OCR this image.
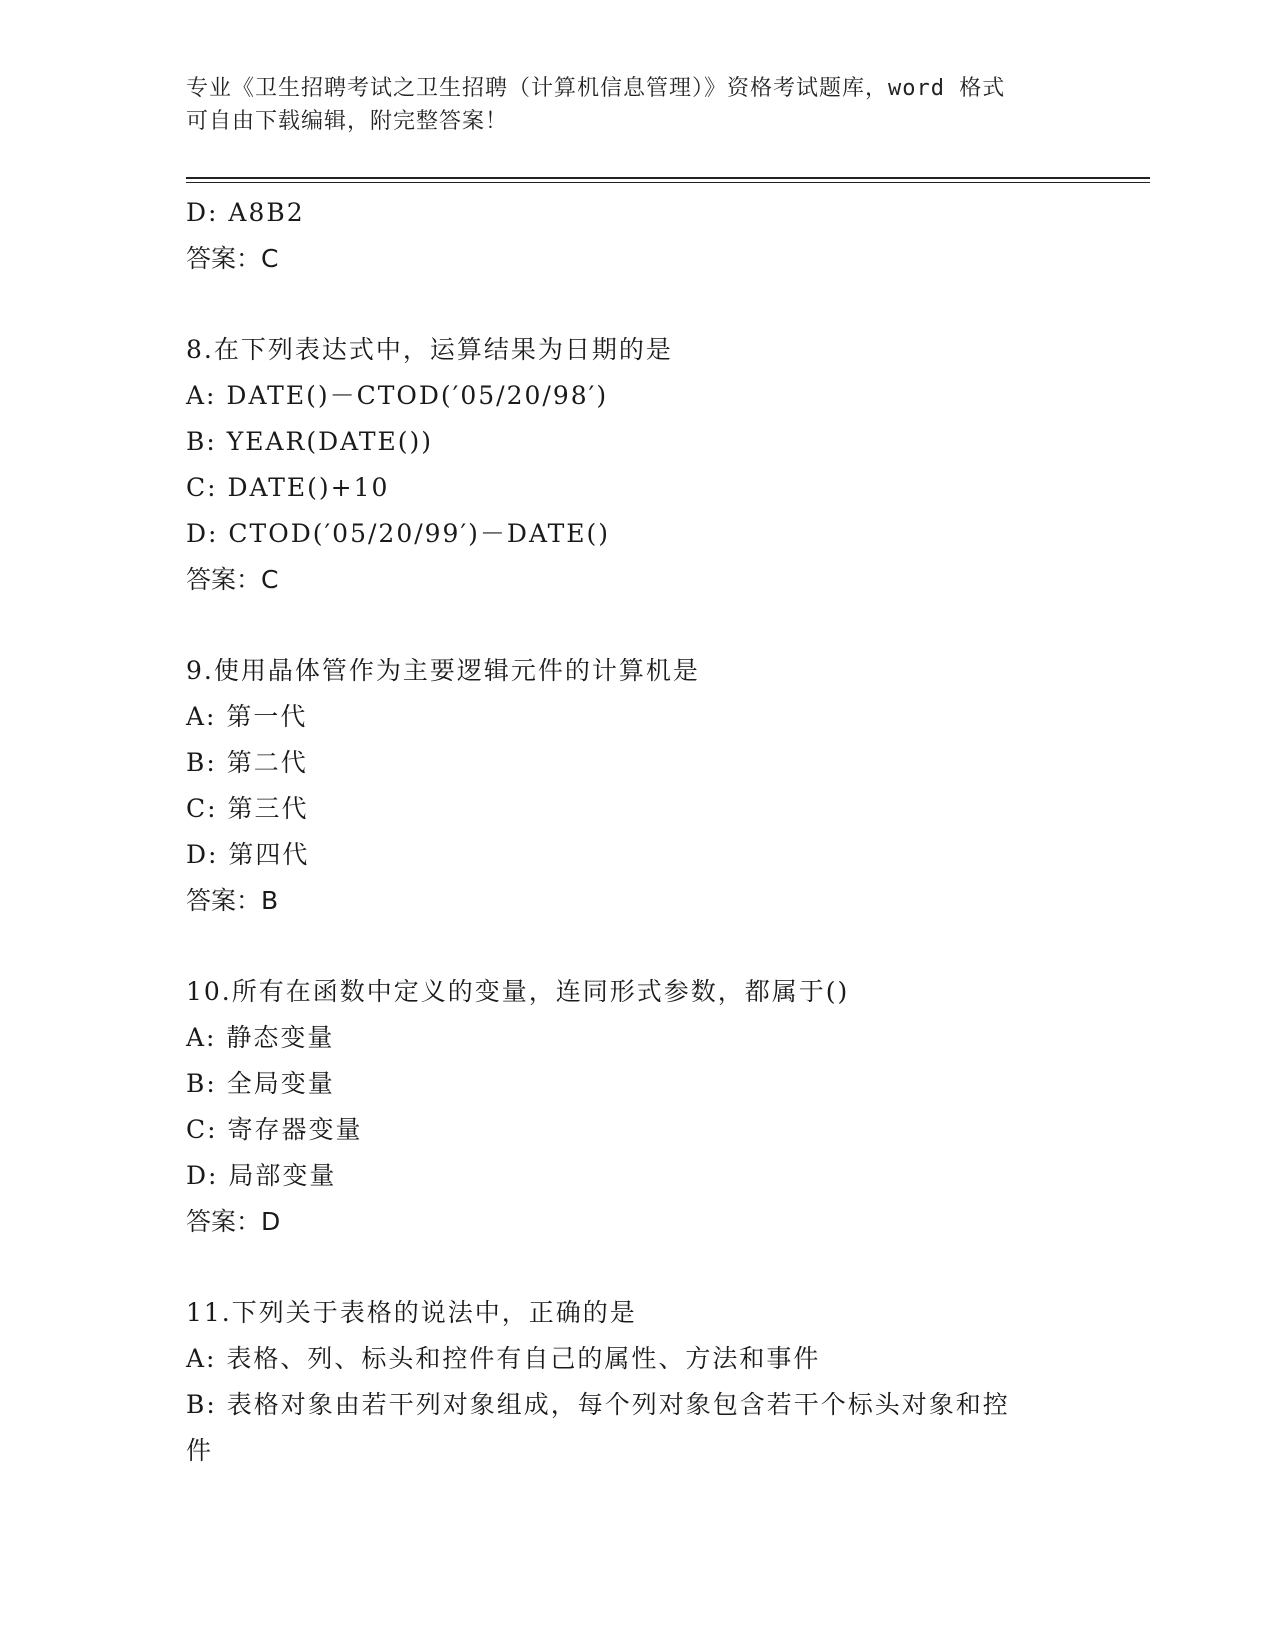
专业《卫生招聘考试之卫生招聘（计算机信息管理）》资格考试题库，word 格式
可自由下载编辑，附完整答案！
D: A8B2
答案：C
8.在下列表达式中，运算结果为日期的是
A: DATE()－CTOD(′05/20/98′)
B: YEAR(DATE())
C: DATE()+10
D: CTOD(′05/20/99′)－DATE()
答案：C
9.使用晶体管作为主要逻辑元件的计算机是
A: 第一代
B: 第二代
C: 第三代
D: 第四代
答案：B
10.所有在函数中定义的变量，连同形式参数，都属于()
A: 静态变量
B: 全局变量
C: 寄存器变量
D: 局部变量
答案：D
11.下列关于表格的说法中，正确的是
A: 表格、列、标头和控件有自己的属性、方法和事件
B: 表格对象由若干列对象组成，每个列对象包含若干个标头对象和控
件
